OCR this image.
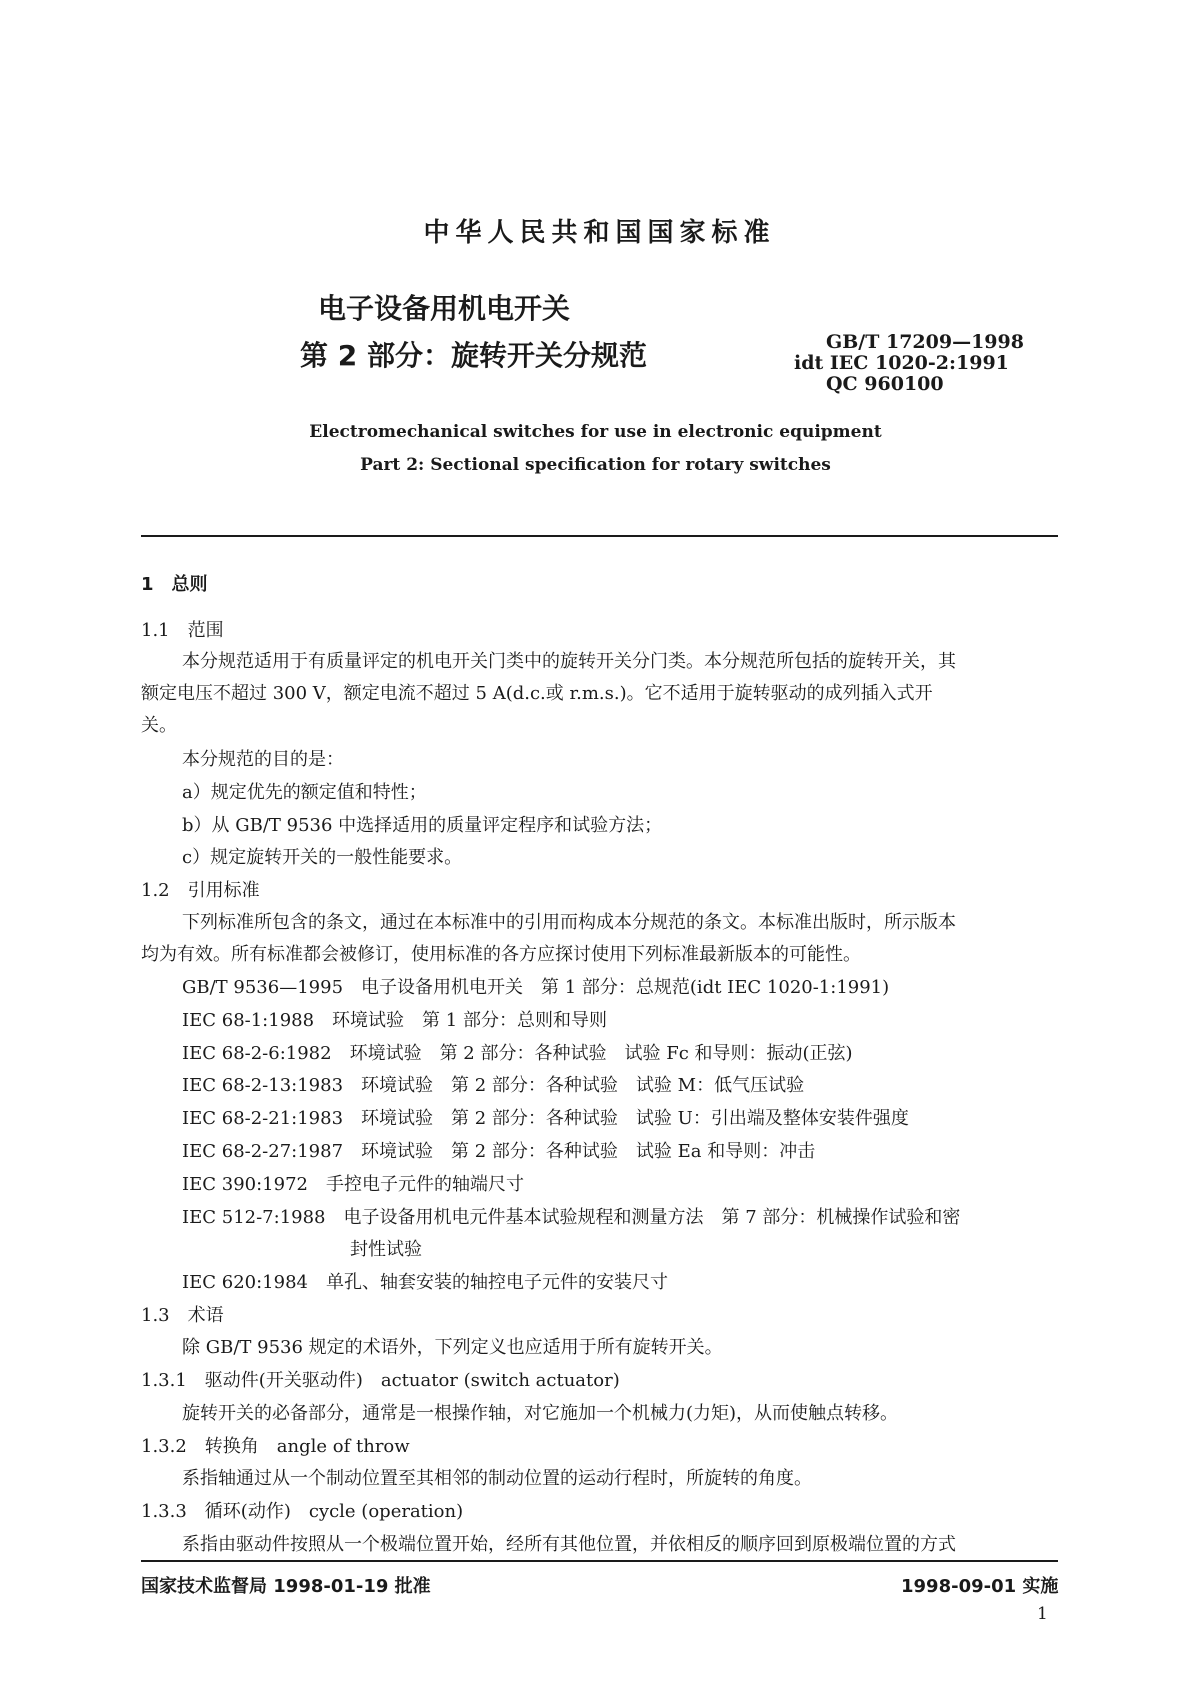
中华人民共和国国家标准
电子设备用机电开关
第 2 部分：旋转开关分规范	GB/T 17209—1998
idt IEC 1020-2:1991
QC 960100
Electromechanical switches for use in electronic equipment
Part 2: Sectional specification for rotary switches
1　总则
1.1　范围
本分规范适用于有质量评定的机电开关门类中的旋转开关分门类。本分规范所包括的旋转开关，其
额定电压不超过 300 V，额定电流不超过 5 A(d.c.或 r.m.s.)。它不适用于旋转驱动的成列插入式开
关。
本分规范的目的是：
a）规定优先的额定值和特性；
b）从 GB/T 9536 中选择适用的质量评定程序和试验方法；
c）规定旋转开关的一般性能要求。
1.2　引用标准
下列标准所包含的条文，通过在本标准中的引用而构成本分规范的条文。本标准出版时，所示版本
均为有效。所有标准都会被修订，使用标准的各方应探讨使用下列标准最新版本的可能性。
GB/T 9536—1995　电子设备用机电开关　第 1 部分：总规范(idt IEC 1020-1:1991)
IEC 68-1:1988　环境试验　第 1 部分：总则和导则
IEC 68-2-6:1982　环境试验　第 2 部分：各种试验　试验 Fc 和导则：振动(正弦)
IEC 68-2-13:1983　环境试验　第 2 部分：各种试验　试验 M：低气压试验
IEC 68-2-21:1983　环境试验　第 2 部分：各种试验　试验 U：引出端及整体安装件强度
IEC 68-2-27:1987　环境试验　第 2 部分：各种试验　试验 Ea 和导则：冲击
IEC 390:1972　手控电子元件的轴端尺寸
IEC 512-7:1988　电子设备用机电元件基本试验规程和测量方法　第 7 部分：机械操作试验和密
封性试验
IEC 620:1984　单孔、轴套安装的轴控电子元件的安装尺寸
1.3　术语
除 GB/T 9536 规定的术语外，下列定义也应适用于所有旋转开关。
1.3.1　驱动件(开关驱动件)　actuator (switch actuator)
旋转开关的必备部分，通常是一根操作轴，对它施加一个机械力(力矩)，从而使触点转移。
1.3.2　转换角　angle of throw
系指轴通过从一个制动位置至其相邻的制动位置的运动行程时，所旋转的角度。
1.3.3　循环(动作)　cycle (operation)
系指由驱动件按照从一个极端位置开始，经所有其他位置，并依相反的顺序回到原极端位置的方式
国家技术监督局 1998-01-19 批准	1998-09-01 实施
1
